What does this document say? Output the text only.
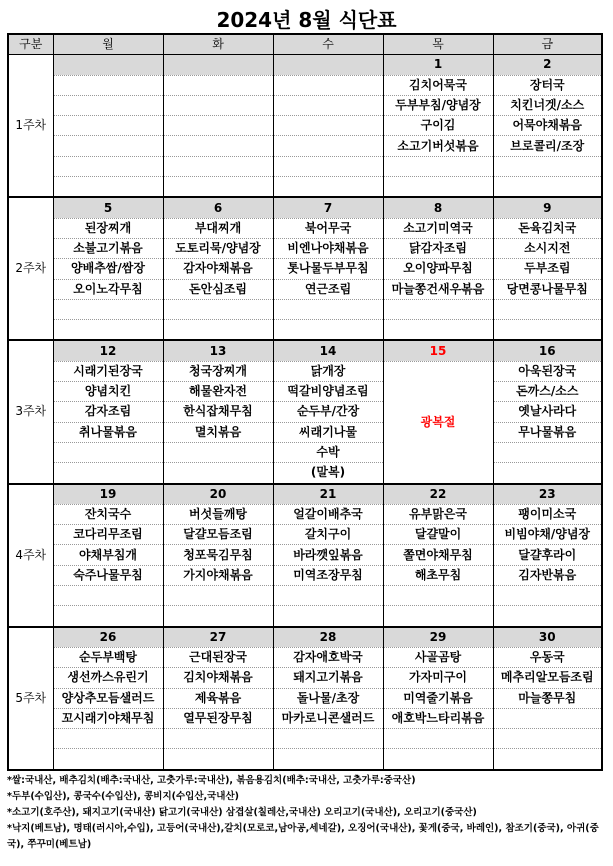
2024년 8월 식단표
구분	월	화	수	목	금
1주차				1	2
				김치어묵국	장터국
				두부부침/양념장	치킨너겟/소스
				구이김	어묵야채볶음
				소고기버섯볶음	브로콜리/조장

2주차	5	6	7	8	9
	된장찌개	부대찌개	북어무국	소고기미역국	돈육김치국
	소불고기볶음	도토리묵/양념장	비엔나야채볶음	닭감자조림	소시지전
	양배추쌈/쌈장	감자야채볶음	톳나물두부무침	오이양파무침	두부조림
	오이노각무침	돈안심조림	연근조림	마늘쫑건새우볶음	당면콩나물무침

3주차	12	13	14	15	16
	시래기된장국	청국장찌개	닭개장	광복절	아욱된장국
	양념치킨	해물완자전	떡갈비양념조림		돈까스/소스
	감자조림	한식잡채무침	순두부/간장		옛날사라다
	취나물볶음	멸치볶음	씨래기나물		무나물볶음
			수박		
			(말복)		
4주차	19	20	21	22	23
	잔치국수	버섯들깨탕	얼갈이배추국	유부맑은국	팽이미소국
	코다리무조림	달걀모듬조림	갈치구이	달걀말이	비빔야채/양념장
	야채부침개	청포묵김무침	바라깻잎볶음	쫄면야채무침	달걀후라이
	숙주나물무침	가지야채볶음	미역조장무침	해초무침	김자반볶음

5주차	26	27	28	29	30
	순두부백탕	근대된장국	감자애호박국	사골곰탕	우동국
	생선까스유린기	김치야채볶음	돼지고기볶음	가자미구이	메추리알모듬조림
	양상추모듬샐러드	제육볶음	돌나물/초장	미역줄기볶음	마늘쫑무침
	꼬시래기야채무침	열무된장무침	마카로니콘샐러드	애호박느타리볶음	

*쌀:국내산, 배추김치(배추:국내산, 고춧가루:국내산), 볶음용김치(배추:국내산, 고춧가루:중국산)
*두부(수입산), 콩국수(수입산), 콩비지(수입산,국내산)
*소고기(호주산), 돼지고기(국내산) 닭고기(국내산) 삼겹살(칠레산,국내산) 오리고기(국내산), 오리고기(중국산)
*낙지(베트남), 명태(러시아,수입), 고등어(국내산),갈치(모로코,남아공,세네갈), 오징어(국내산), 꽃게(중국, 바레인), 참조기(중국), 아귀(중국), 쭈꾸미(베트남)
